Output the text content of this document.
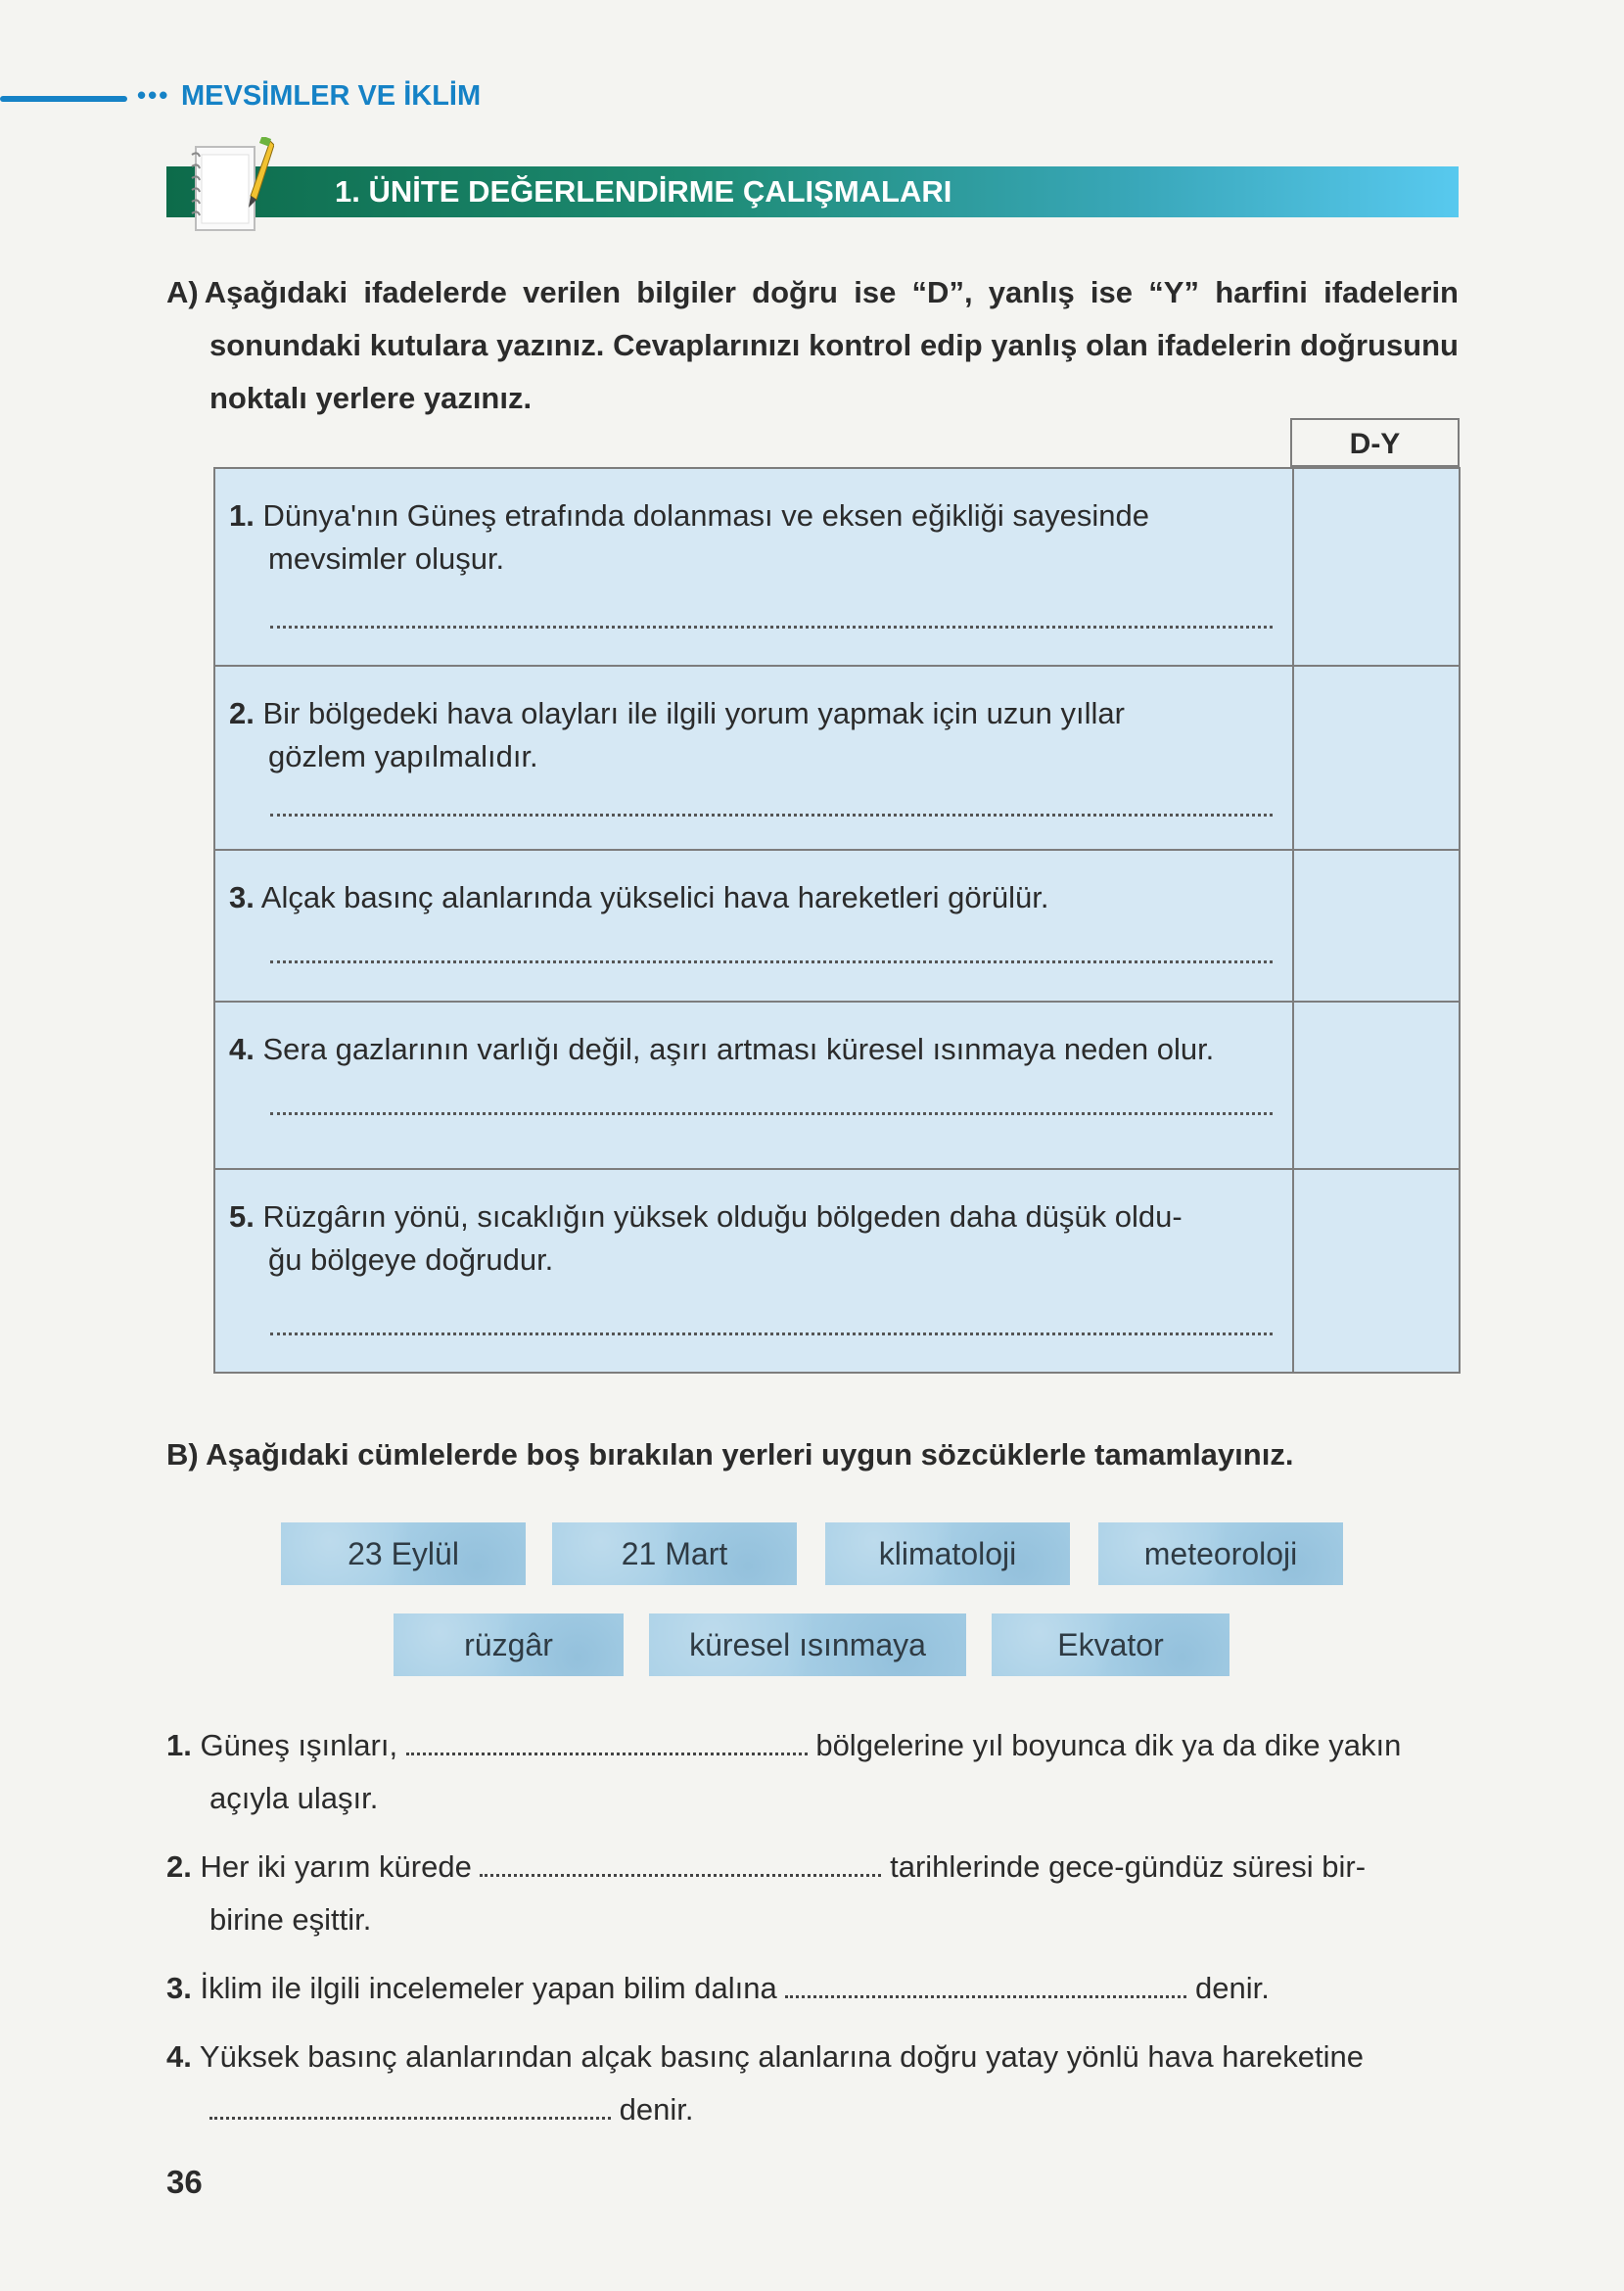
••• MEVSİMLER VE İKLİM
1. ÜNİTE DEĞERLENDİRME ÇALIŞMALARI
A) Aşağıdaki ifadelerde verilen bilgiler doğru ise “D”, yanlış ise “Y” harfini ifadelerin sonundaki kutulara yazınız. Cevaplarınızı kontrol edip yanlış olan ifadelerin doğrusunu noktalı yerlere yazınız.
D-Y
1. Dünya'nın Güneş etrafında dolanması ve eksen eğikliği sayesinde
mevsimler oluşur.
2. Bir bölgedeki hava olayları ile ilgili yorum yapmak için uzun yıllar
gözlem yapılmalıdır.
3. Alçak basınç alanlarında yükselici hava hareketleri görülür.
4. Sera gazlarının varlığı değil, aşırı artması küresel ısınmaya neden olur.
5. Rüzgârın yönü, sıcaklığın yüksek olduğu bölgeden daha düşük oldu-
ğu bölgeye doğrudur.
B) Aşağıdaki cümlelerde boş bırakılan yerleri uygun sözcüklerle tamamlayınız.
23 Eylül	21 Mart	klimatoloji	meteoroloji
rüzgâr	küresel ısınmaya	Ekvator
1. Güneş ışınları,	bölgelerine yıl boyunca dik ya da dike yakın
açıyla ulaşır.
2. Her iki yarım kürede	tarihlerinde gece-gündüz süresi bir-
birine eşittir.
3. İklim ile ilgili incelemeler yapan bilim dalına	denir.
4. Yüksek basınç alanlarından alçak basınç alanlarına doğru yatay yönlü hava hareketine
denir.
36
